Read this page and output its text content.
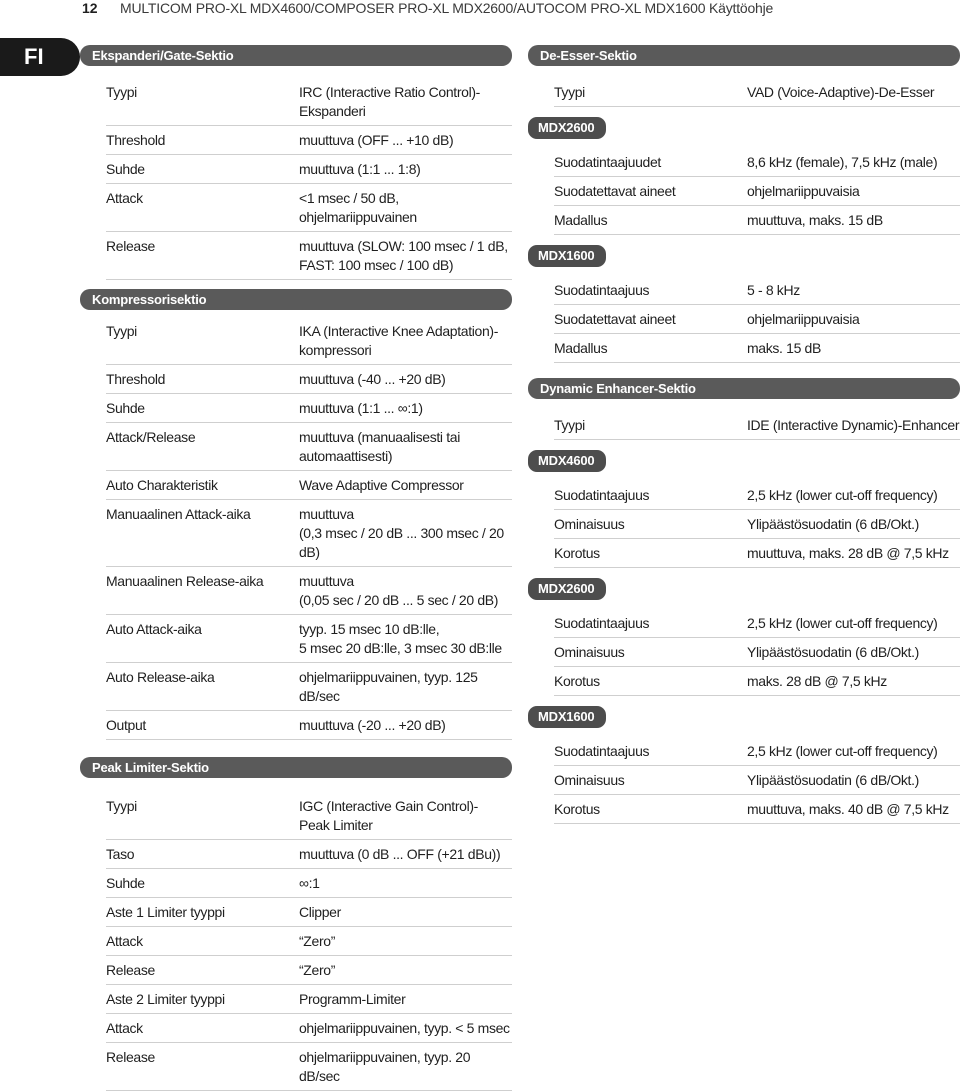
12 MULTICOM PRO-XL MDX4600/COMPOSER PRO-XL MDX2600/AUTOCOM PRO-XL MDX1600 Käyttöohje
FI	Ekspanderi/Gate-Sektio
Tyypi	IRC (Interactive Ratio Control)-
Ekspanderi
Threshold	muuttuva (OFF ... +10 dB)
Suhde	muuttuva (1:1 ... 1:8)
Attack	<1 msec / 50 dB, ohjelmariippuvainen
Release	muuttuva (SLOW: 100 msec / 1 dB,
FAST: 100 msec / 100 dB)
Kompressorisektio
Tyypi	IKA (Interactive Knee Adaptation)-
kompressori
Threshold	muuttuva (-40 ... +20 dB)
Suhde	muuttuva (1:1 ... ∞:1)
Attack/Release	muuttuva (manuaalisesti tai
automaattisesti)
Auto Charakteristik	Wave Adaptive Compressor
Manuaalinen Attack-aika	muuttuva
(0,3 msec / 20 dB ... 300 msec / 20 dB)
Manuaalinen Release-aika	muuttuva
(0,05 sec / 20 dB ... 5 sec / 20 dB)
Auto Attack-aika	tyyp. 15 msec 10 dB:lle,
5 msec 20 dB:lle, 3 msec 30 dB:lle
Auto Release-aika	ohjelmariippuvainen, tyyp. 125 dB/sec
Output	muuttuva (-20 ... +20 dB)
Peak Limiter-Sektio
Tyypi	IGC (Interactive Gain Control)-
Peak Limiter
Taso	muuttuva (0 dB ... OFF (+21 dBu))
Suhde	∞:1
Aste 1 Limiter tyyppi	Clipper
Attack	“Zero”
Release	“Zero”
Aste 2 Limiter tyyppi	Programm-Limiter
Attack	ohjelmariippuvainen, tyyp. < 5 msec
Release	ohjelmariippuvainen, tyyp. 20 dB/sec
De-Esser-Sektio
Tyypi	VAD (Voice-Adaptive)-De-Esser
MDX2600
Suodatintaajuudet	8,6 kHz (female), 7,5 kHz (male)
Suodatettavat aineet	ohjelmariippuvaisia
Madallus	muuttuva, maks. 15 dB
MDX1600
Suodatintaajuus	5 - 8 kHz
Suodatettavat aineet	ohjelmariippuvaisia
Madallus	maks. 15 dB
Dynamic Enhancer-Sektio
Tyypi	IDE (Interactive Dynamic)-Enhancer
MDX4600
Suodatintaajuus	2,5 kHz (lower cut-off frequency)
Ominaisuus	Ylipäästösuodatin (6 dB/Okt.)
Korotus	muuttuva, maks. 28 dB @ 7,5 kHz
MDX2600
Suodatintaajuus	2,5 kHz (lower cut-off frequency)
Ominaisuus	Ylipäästösuodatin (6 dB/Okt.)
Korotus	maks. 28 dB @ 7,5 kHz
MDX1600
Suodatintaajuus	2,5 kHz (lower cut-off frequency)
Ominaisuus	Ylipäästösuodatin (6 dB/Okt.)
Korotus	muuttuva, maks. 40 dB @ 7,5 kHz
